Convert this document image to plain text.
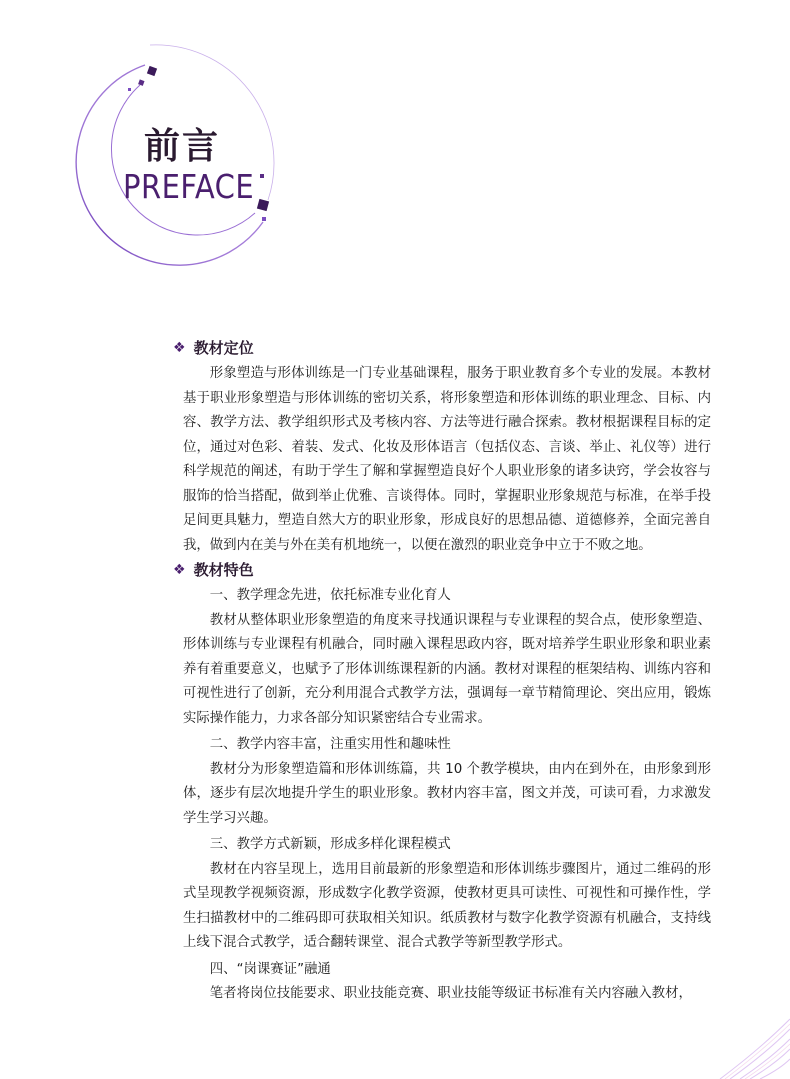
前言
PREFACE
❖ 教材定位

形象塑造与形体训练是一门专业基础课程，服务于职业教育多个专业的发展。本教材基于职业形象塑造与形体训练的密切关系，将形象塑造和形体训练的职业理念、目标、内容、教学方法、教学组织形式及考核内容、方法等进行融合探索。教材根据课程目标的定位，通过对色彩、着装、发式、化妆及形体语言（包括仪态、言谈、举止、礼仪等）进行科学规范的阐述，有助于学生了解和掌握塑造良好个人职业形象的诸多诀窍，学会妆容与服饰的恰当搭配，做到举止优雅、言谈得体。同时，掌握职业形象规范与标准，在举手投足间更具魅力，塑造自然大方的职业形象，形成良好的思想品德、道德修养，全面完善自我，做到内在美与外在美有机地统一，以便在激烈的职业竞争中立于不败之地。

❖ 教材特色
一、教学理念先进，依托标准专业化育人

教材从整体职业形象塑造的角度来寻找通识课程与专业课程的契合点，使形象塑造、形体训练与专业课程有机融合，同时融入课程思政内容，既对培养学生职业形象和职业素养有着重要意义，也赋予了形体训练课程新的内涵。教材对课程的框架结构、训练内容和可视性进行了创新，充分利用混合式教学方法，强调每一章节精简理论、突出应用，锻炼实际操作能力，力求各部分知识紧密结合专业需求。

二、教学内容丰富，注重实用性和趣味性

教材分为形象塑造篇和形体训练篇，共 10 个教学模块，由内在到外在，由形象到形体，逐步有层次地提升学生的职业形象。教材内容丰富，图文并茂，可读可看，力求激发学生学习兴趣。

三、教学方式新颖，形成多样化课程模式

教材在内容呈现上，选用目前最新的形象塑造和形体训练步骤图片，通过二维码的形式呈现教学视频资源，形成数字化教学资源，使教材更具可读性、可视性和可操作性，学生扫描教材中的二维码即可获取相关知识。纸质教材与数字化教学资源有机融合，支持线上线下混合式教学，适合翻转课堂、混合式教学等新型教学形式。

四、“岗课赛证”融通

笔者将岗位技能要求、职业技能竞赛、职业技能等级证书标准有关内容融入教材，
